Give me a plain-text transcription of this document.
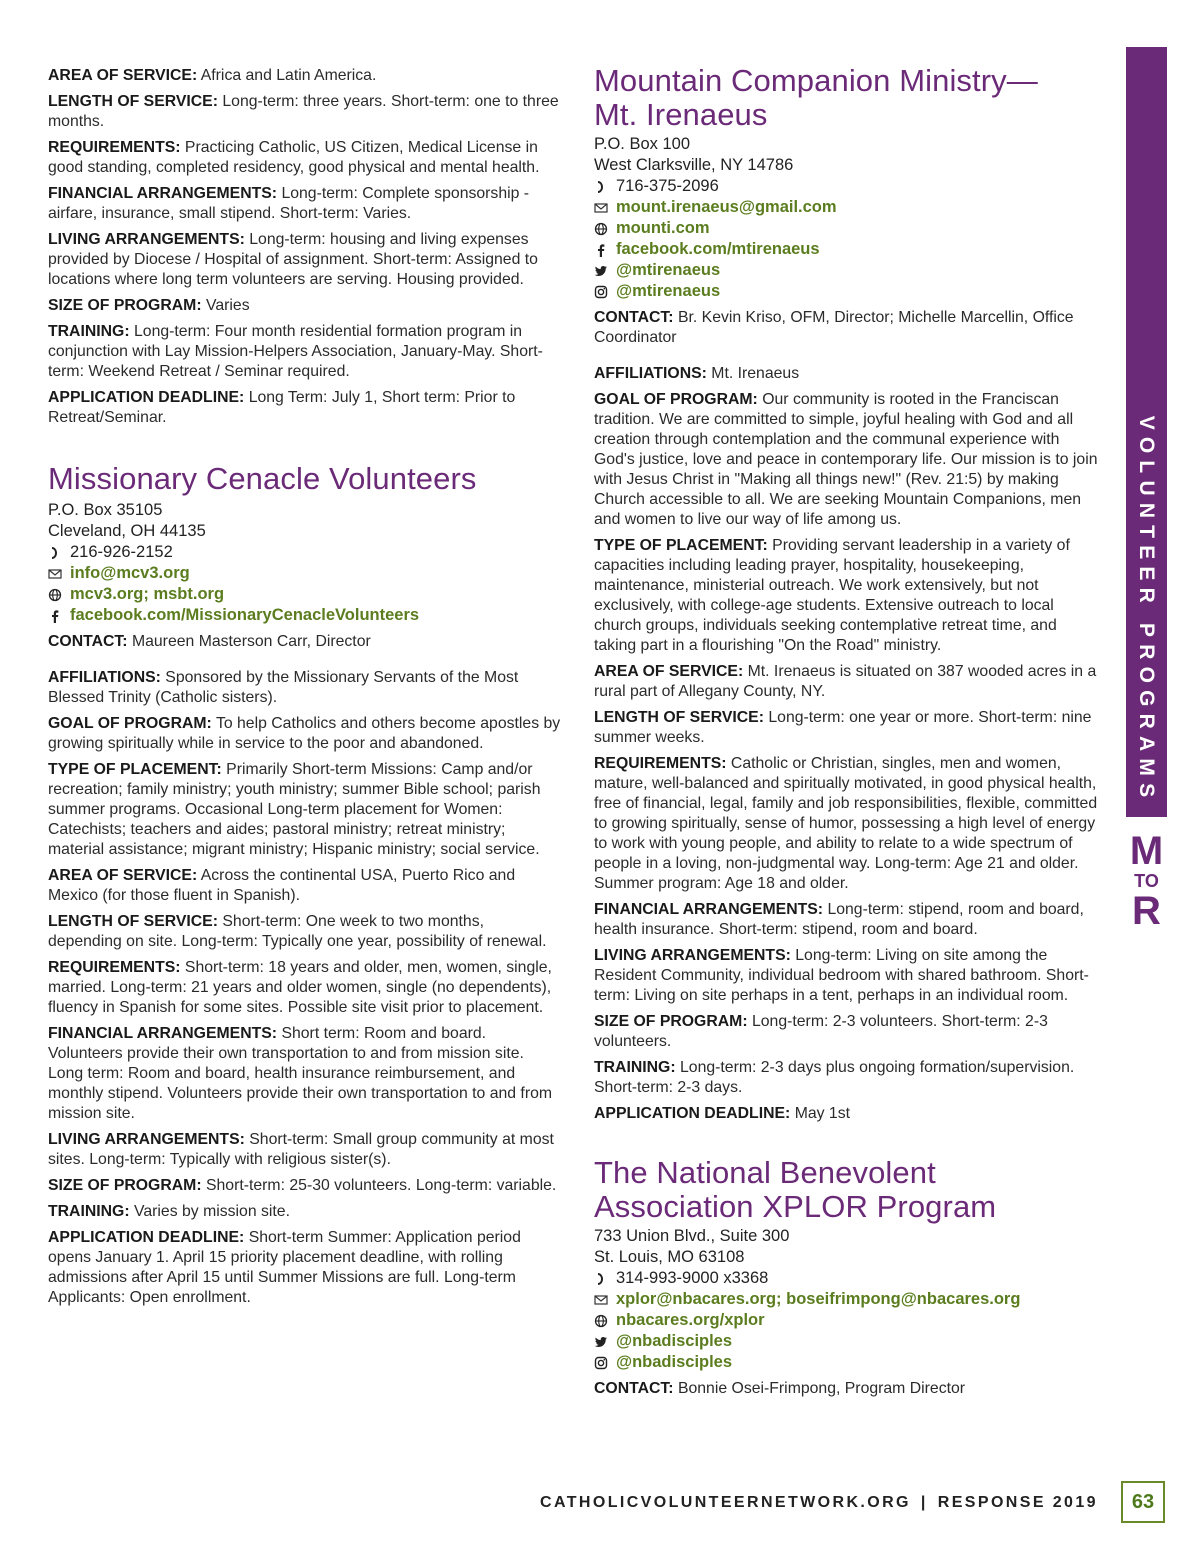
AREA OF SERVICE: Africa and Latin America.

LENGTH OF SERVICE: Long-term: three years. Short-term: one to three months.

REQUIREMENTS: Practicing Catholic, US Citizen, Medical License in good standing, completed residency, good physical and mental health.

FINANCIAL ARRANGEMENTS: Long-term: Complete sponsorship - airfare, insurance, small stipend. Short-term: Varies.

LIVING ARRANGEMENTS: Long-term: housing and living expenses provided by Diocese / Hospital of assignment. Short-term: Assigned to locations where long term volunteers are serving. Housing provided.

SIZE OF PROGRAM: Varies

TRAINING: Long-term: Four month residential formation program in conjunction with Lay Mission-Helpers Association, January-May. Short-term: Weekend Retreat / Seminar required.

APPLICATION DEADLINE: Long Term: July 1, Short term: Prior to Retreat/Seminar.

Missionary Cenacle Volunteers
P.O. Box 35105
Cleveland, OH 44135
216-926-2152
info@mcv3.org
mcv3.org; msbt.org
facebook.com/MissionaryCenacleVolunteers

CONTACT: Maureen Masterson Carr, Director

AFFILIATIONS: Sponsored by the Missionary Servants of the Most Blessed Trinity (Catholic sisters).

GOAL OF PROGRAM: To help Catholics and others become apostles by growing spiritually while in service to the poor and abandoned.

TYPE OF PLACEMENT: Primarily Short-term Missions: Camp and/or recreation; family ministry; youth ministry; summer Bible school; parish summer programs. Occasional Long-term placement for Women: Catechists; teachers and aides; pastoral ministry; retreat ministry; material assistance; migrant ministry; Hispanic ministry; social service.

AREA OF SERVICE: Across the continental USA, Puerto Rico and Mexico (for those fluent in Spanish).

LENGTH OF SERVICE: Short-term: One week to two months, depending on site. Long-term: Typically one year, possibility of renewal.

REQUIREMENTS: Short-term: 18 years and older, men, women, single, married. Long-term: 21 years and older women, single (no dependents), fluency in Spanish for some sites. Possible site visit prior to placement.

FINANCIAL ARRANGEMENTS: Short term: Room and board. Volunteers provide their own transportation to and from mission site. Long term: Room and board, health insurance reimbursement, and monthly stipend. Volunteers provide their own transportation to and from mission site.

LIVING ARRANGEMENTS: Short-term: Small group community at most sites. Long-term: Typically with religious sister(s).

SIZE OF PROGRAM: Short-term: 25-30 volunteers. Long-term: variable.

TRAINING: Varies by mission site.

APPLICATION DEADLINE: Short-term Summer: Application period opens January 1. April 15 priority placement deadline, with rolling admissions after April 15 until Summer Missions are full. Long-term Applicants: Open enrollment.

Mountain Companion Ministry—
Mt. Irenaeus
P.O. Box 100
West Clarksville, NY 14786
716-375-2096
mount.irenaeus@gmail.com
mounti.com
facebook.com/mtirenaeus
@mtirenaeus
@mtirenaeus

CONTACT: Br. Kevin Kriso, OFM, Director; Michelle Marcellin, Office Coordinator

AFFILIATIONS: Mt. Irenaeus

GOAL OF PROGRAM: Our community is rooted in the Franciscan tradition. We are committed to simple, joyful healing with God and all creation through contemplation and the communal experience with God's justice, love and peace in contemporary life. Our mission is to join with Jesus Christ in "Making all things new!" (Rev. 21:5) by making Church accessible to all. We are seeking Mountain Companions, men and women to live our way of life among us.

TYPE OF PLACEMENT: Providing servant leadership in a variety of capacities including leading prayer, hospitality, housekeeping, maintenance, ministerial outreach. We work extensively, but not exclusively, with college-age students. Extensive outreach to local church groups, individuals seeking contemplative retreat time, and taking part in a flourishing "On the Road" ministry.

AREA OF SERVICE: Mt. Irenaeus is situated on 387 wooded acres in a rural part of Allegany County, NY.

LENGTH OF SERVICE: Long-term: one year or more. Short-term: nine summer weeks.

REQUIREMENTS: Catholic or Christian, singles, men and women, mature, well-balanced and spiritually motivated, in good physical health, free of financial, legal, family and job responsibilities, flexible, committed to growing spiritually, sense of humor, possessing a high level of energy to work with young people, and ability to relate to a wide spectrum of people in a loving, non-judgmental way. Long-term: Age 21 and older. Summer program: Age 18 and older.

FINANCIAL ARRANGEMENTS: Long-term: stipend, room and board, health insurance. Short-term: stipend, room and board.

LIVING ARRANGEMENTS: Long-term: Living on site among the Resident Community, individual bedroom with shared bathroom. Short-term: Living on site perhaps in a tent, perhaps in an individual room.

SIZE OF PROGRAM: Long-term: 2-3 volunteers. Short-term: 2-3 volunteers.

TRAINING: Long-term: 2-3 days plus ongoing formation/supervision. Short-term: 2-3 days.

APPLICATION DEADLINE: May 1st

The National Benevolent
Association XPLOR Program
733 Union Blvd., Suite 300
St. Louis, MO 63108
314-993-9000 x3368
xplor@nbacares.org; boseifrimpong@nbacares.org
nbacares.org/xplor
@nbadisciples
@nbadisciples

CONTACT: Bonnie Osei-Frimpong, Program Director

VOLUNTEER PROGRAMS
M
TO
R
CATHOLICVOLUNTEERNETWORK.ORG | RESPONSE 2019	63
